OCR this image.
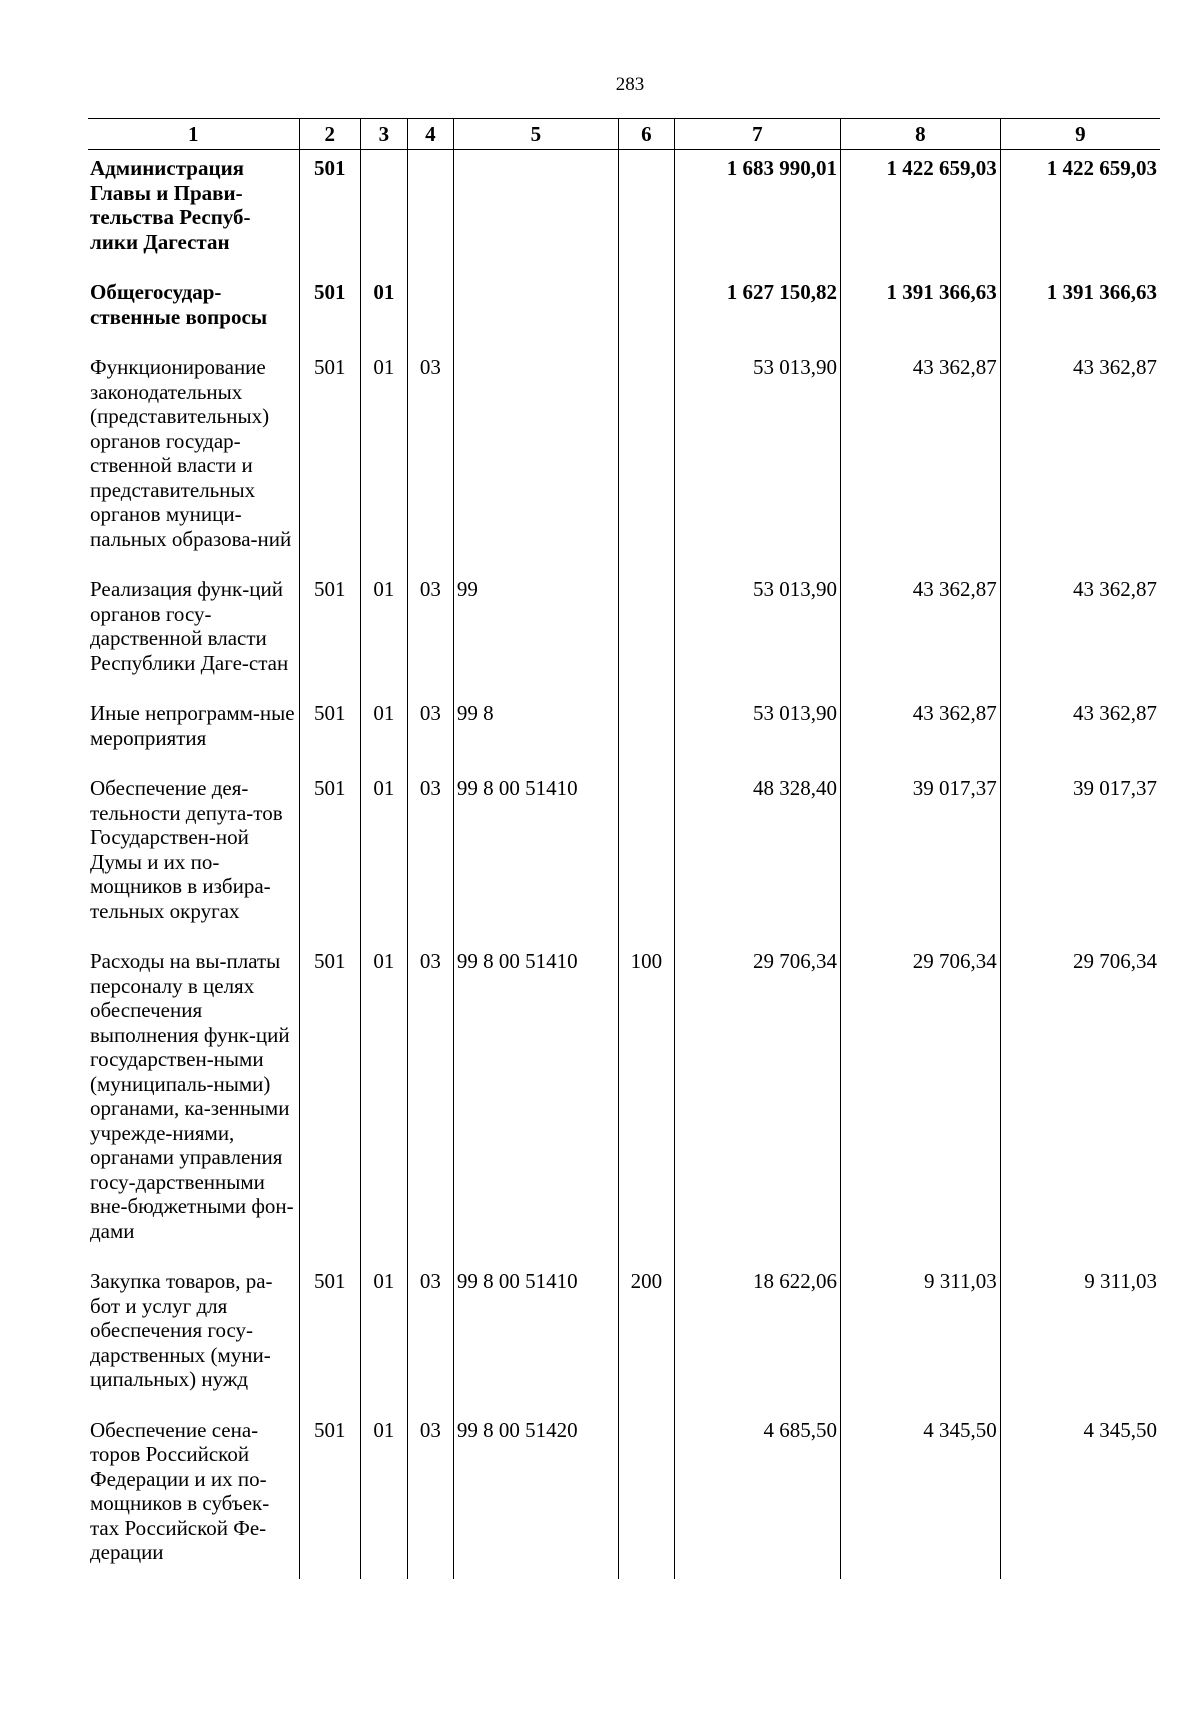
283
1	2	3	4	5	6	7	8	9
Администрация Главы и Прави-тельства Респуб-лики Дагестан	501					1 683 990,01	1 422 659,03	1 422 659,03
Общегосудар-ственные вопросы	501	01				1 627 150,82	1 391 366,63	1 391 366,63
Функционирование законодательных (представительных) органов государ-ственной власти и представительных органов муници-пальных образова-ний	501	01	03			53 013,90	43 362,87	43 362,87
Реализация функ-ций органов госу-дарственной власти Республики Даге-стан	501	01	03	99		53 013,90	43 362,87	43 362,87
Иные непрограмм-ные мероприятия	501	01	03	99 8		53 013,90	43 362,87	43 362,87
Обеспечение дея-тельности депута-тов Государствен-ной Думы и их по-мощников в избира-тельных округах	501	01	03	99 8 00 51410		48 328,40	39 017,37	39 017,37
Расходы на вы-платы персоналу в целях обеспечения выполнения функ-ций государствен-ными (муниципаль-ными) органами, ка-зенными учрежде-ниями, органами управления госу-дарственными вне-бюджетными фон-дами	501	01	03	99 8 00 51410	100	29 706,34	29 706,34	29 706,34
Закупка товаров, ра-бот и услуг для обеспечения госу-дарственных (муни-ципальных) нужд	501	01	03	99 8 00 51410	200	18 622,06	9 311,03	9 311,03
Обеспечение сена-торов Российской Федерации и их по-мощников в субъек-тах Российской Фе-дерации	501	01	03	99 8 00 51420		4 685,50	4 345,50	4 345,50
